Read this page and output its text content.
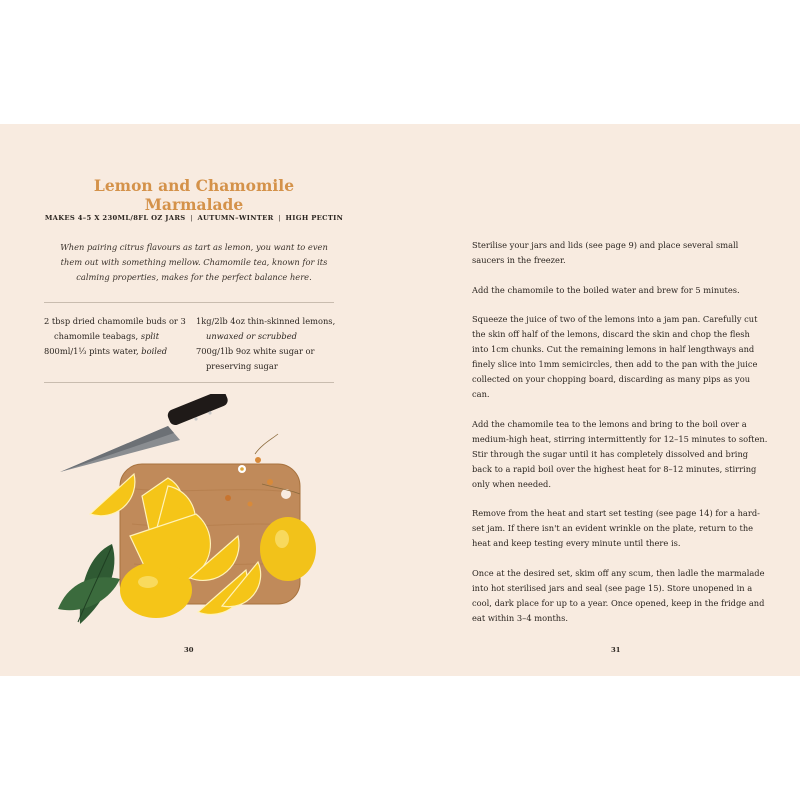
Lemon and Chamomile Marmalade
MAKES 4–5 X 230ML/8FL OZ JARS | AUTUMN–WINTER | HIGH PECTIN

When pairing citrus flavours as tart as lemon, you want to even them out with something mellow. Chamomile tea, known for its calming properties, makes for the perfect balance here.

2 tbsp dried chamomile buds or 3 chamomile teabags, split

800ml/1⅓ pints water, boiled

1kg/2lb 4oz thin-skinned lemons, unwaxed or scrubbed

700g/1lb 9oz white sugar or preserving sugar

30

Sterilise your jars and lids (see page 9) and place several small saucers in the freezer.

Add the chamomile to the boiled water and brew for 5 minutes.

Squeeze the juice of two of the lemons into a jam pan. Carefully cut the skin off half of the lemons, discard the skin and chop the flesh into 1cm chunks. Cut the remaining lemons in half lengthways and finely slice into 1mm semicircles, then add to the pan with the juice collected on your chopping board, discarding as many pips as you can.

Add the chamomile tea to the lemons and bring to the boil over a medium-high heat, stirring intermittently for 12–15 minutes to soften. Stir through the sugar until it has completely dissolved and bring back to a rapid boil over the highest heat for 8–12 minutes, stirring only when needed.

Remove from the heat and start set testing (see page 14) for a hard-set jam. If there isn't an evident wrinkle on the plate, return to the heat and keep testing every minute until there is.

Once at the desired set, skim off any scum, then ladle the marmalade into hot sterilised jars and seal (see page 15). Store unopened in a cool, dark place for up to a year. Once opened, keep in the fridge and eat within 3–4 months.

31
